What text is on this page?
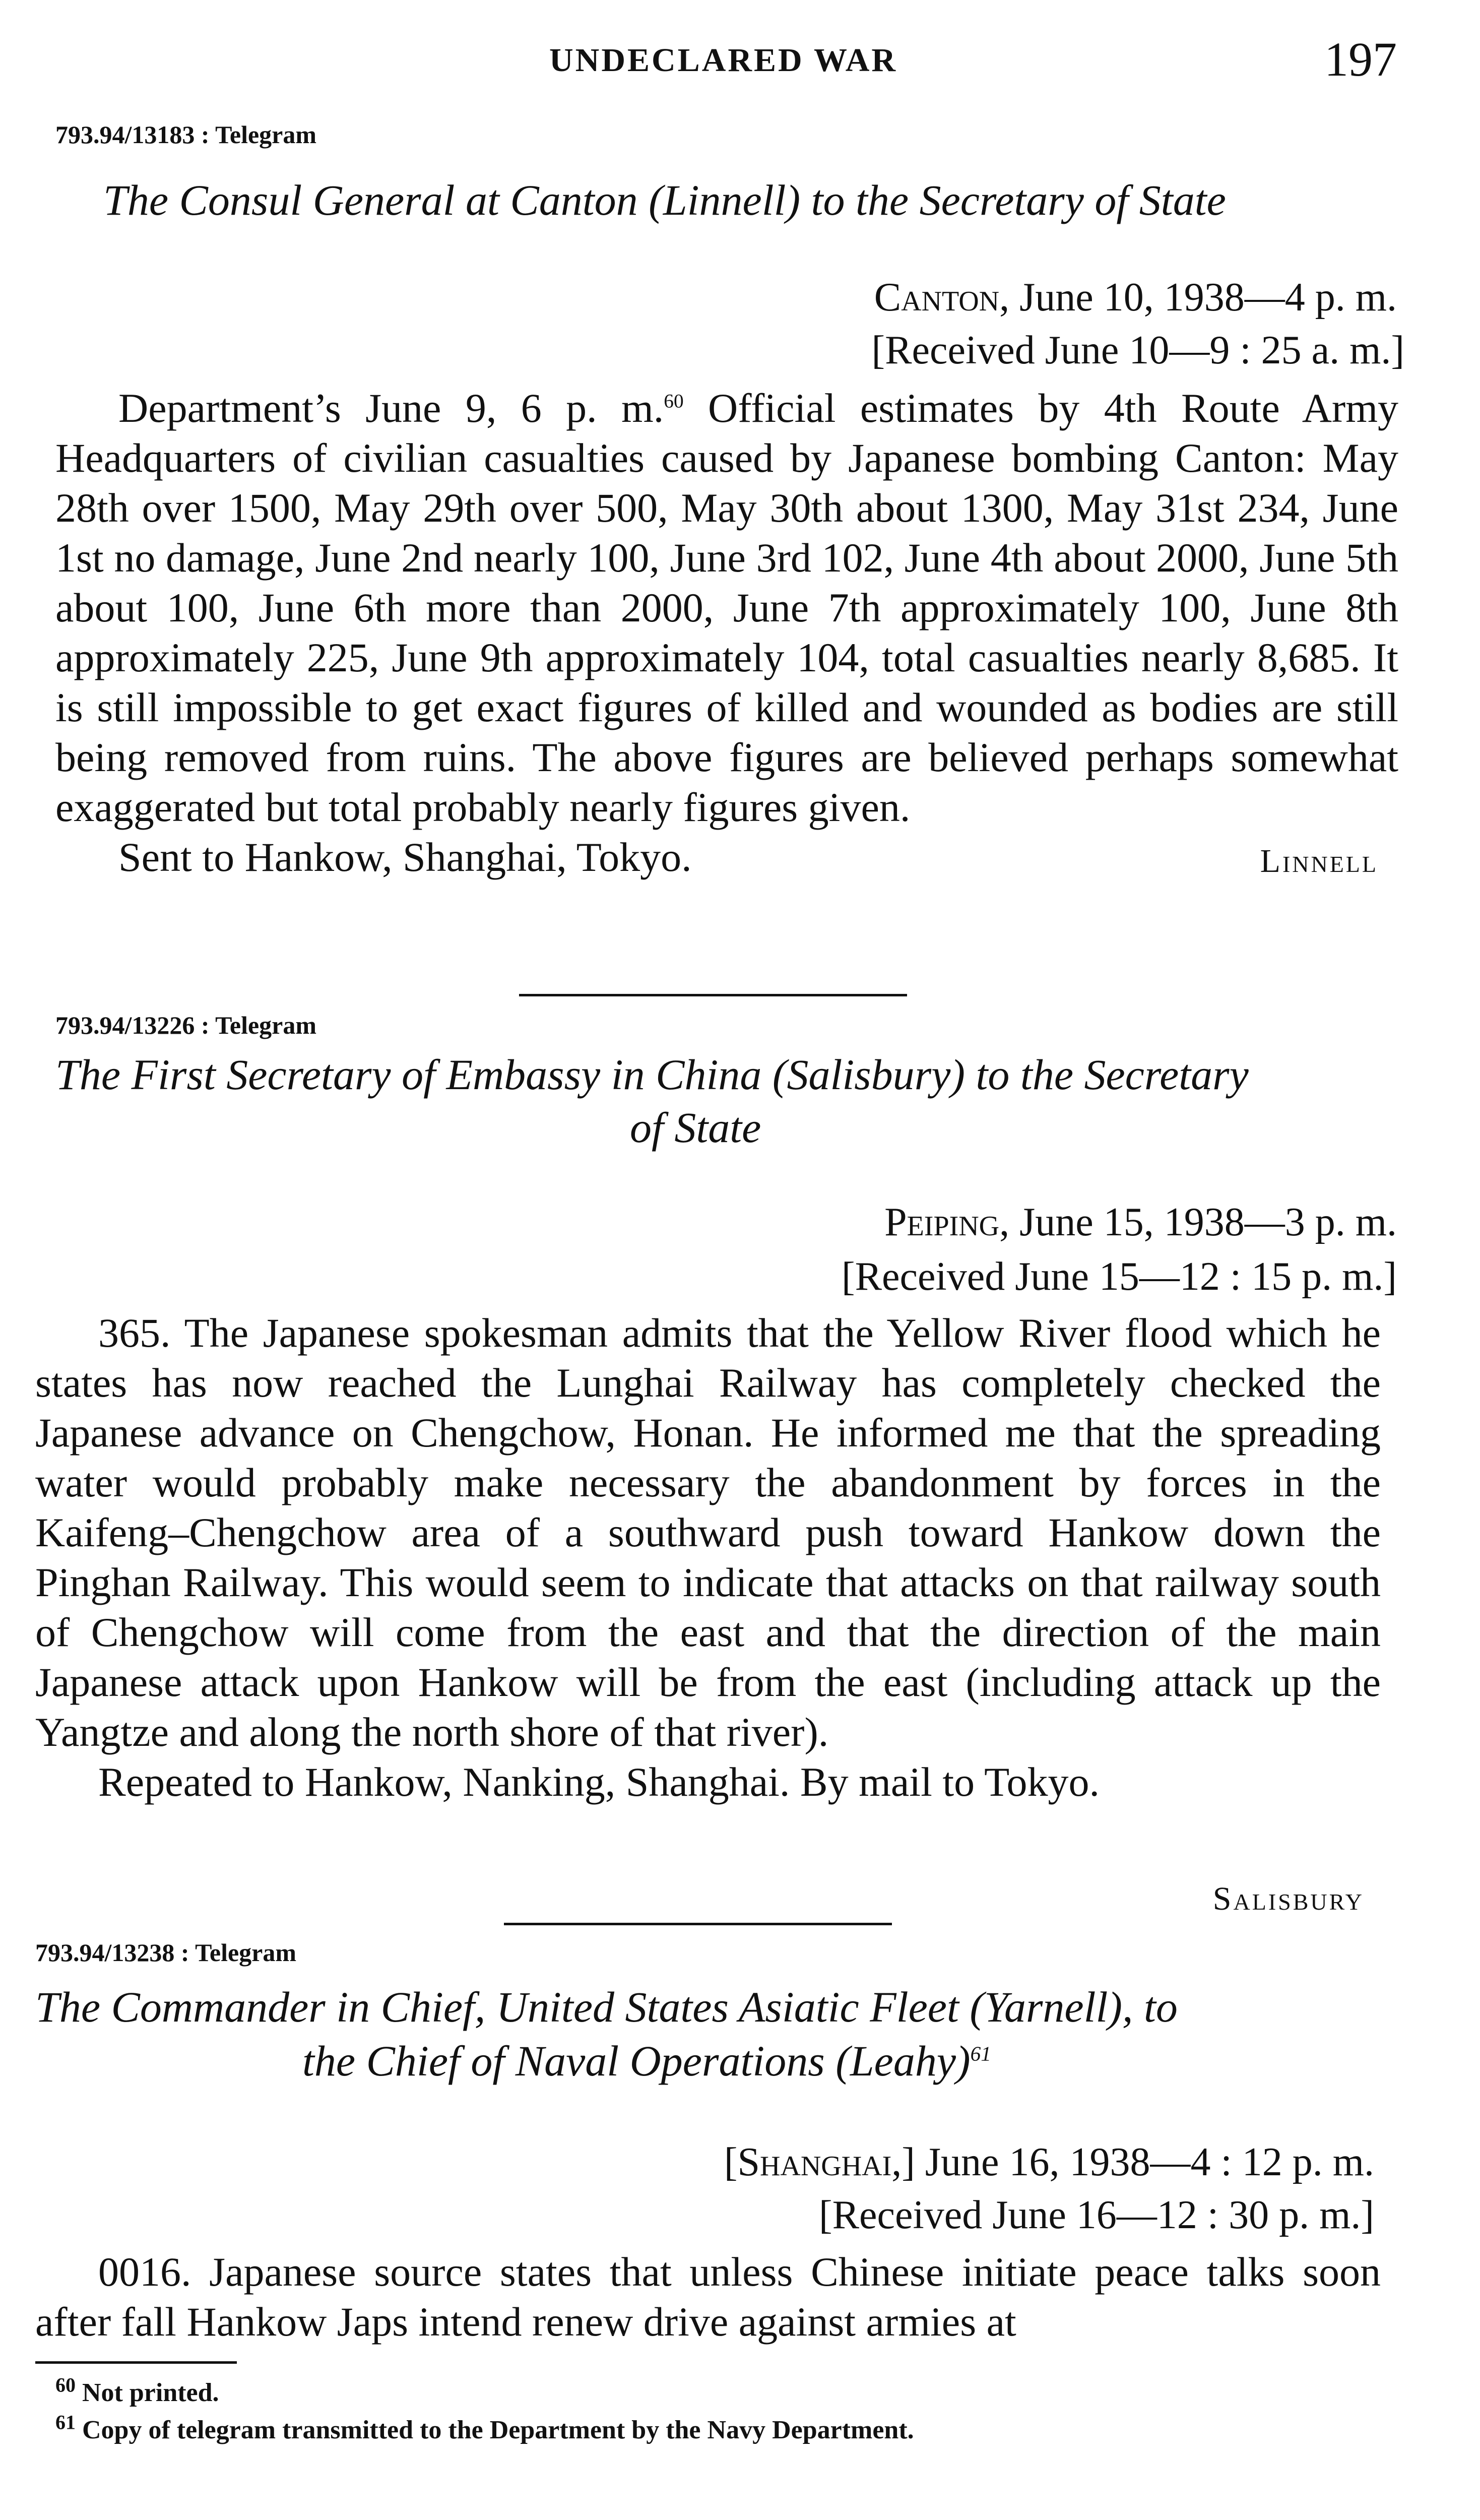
UNDECLARED WAR	197
793.94/13183 : Telegram
The Consul General at Canton (Linnell) to the Secretary of State
Canton, June 10, 1938—4 p. m.
[Received June 10—9 : 25 a. m.]

Department’s June 9, 6 p. m.$^{60}$ Official estimates by 4th Route Army Headquarters of civilian casualties caused by Japanese bombing Canton: May 28th over 1500, May 29th over 500, May 30th about 1300, May 31st 234, June 1st no damage, June 2nd nearly 100, June 3rd 102, June 4th about 2000, June 5th about 100, June 6th more than 2000, June 7th approximately 100, June 8th approximately 225, June 9th approximately 104, total casualties nearly 8,685. It is still impossible to get exact figures of killed and wounded as bodies are still being removed from ruins. The above figures are believed perhaps somewhat exaggerated but total probably nearly figures given.

Sent to Hankow, Shanghai, Tokyo.	Linnell

793.94/13226 : Telegram
The First Secretary of Embassy in China (Salisbury) to the Secretary
of State
Peiping, June 15, 1938—3 p. m.
[Received June 15—12 : 15 p. m.]

365. The Japanese spokesman admits that the Yellow River flood which he states has now reached the Lunghai Railway has completely checked the Japanese advance on Chengchow, Honan. He informed me that the spreading water would probably make necessary the abandonment by forces in the Kaifeng–Chengchow area of a southward push toward Hankow down the Pinghan Railway. This would seem to indicate that attacks on that railway south of Chengchow will come from the east and that the direction of the main Japanese attack upon Hankow will be from the east (including attack up the Yangtze and along the north shore of that river).

Repeated to Hankow, Nanking, Shanghai. By mail to Tokyo.

Salisbury
793.94/13238 : Telegram
The Commander in Chief, United States Asiatic Fleet (Yarnell), to
the Chief of Naval Operations (Leahy)$^{61}$
[Shanghai,] June 16, 1938—4 : 12 p. m.
[Received June 16—12 : 30 p. m.]

0016. Japanese source states that unless Chinese initiate peace talks soon after fall Hankow Japs intend renew drive against armies at

$^{60}$ Not printed.
$^{61}$ Copy of telegram transmitted to the Department by the Navy Department.
